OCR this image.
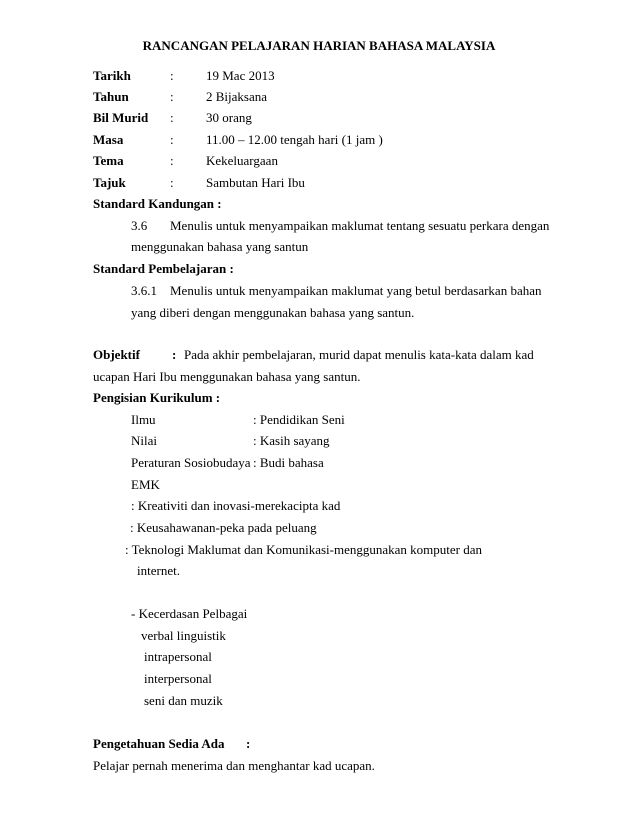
RANCANGAN PELAJARAN HARIAN BAHASA MALAYSIA
Tarikh	: 19 Mac 2013
Tahun	: 2 Bijaksana
Bil Murid : 30 orang
Masa	: 11.00 – 12.00 tengah hari (1 jam )
Tema	: Kekeluargaan
Tajuk	: Sambutan Hari Ibu
Standard Kandungan :
3.6 Menulis untuk menyampaikan maklumat tentang sesuatu perkara dengan
menggunakan bahasa yang santun
Standard Pembelajaran :
3.6.1 Menulis untuk menyampaikan maklumat yang betul berdasarkan bahan
yang diberi dengan menggunakan bahasa yang santun.
Objektif : Pada akhir pembelajaran, murid dapat menulis kata-kata dalam kad
ucapan Hari Ibu menggunakan bahasa yang santun.
Pengisian Kurikulum :
Ilmu	: Pendidikan Seni
Nilai	: Kasih sayang
Peraturan Sosiobudaya : Budi bahasa
EMK
: Kreativiti dan inovasi-merekacipta kad
: Keusahawanan-peka pada peluang
: Teknologi Maklumat dan Komunikasi-menggunakan komputer dan
internet.
- Kecerdasan Pelbagai
verbal linguistik
intrapersonal
interpersonal
seni dan muzik
Pengetahuan Sedia Ada :
Pelajar pernah menerima dan menghantar kad ucapan.
